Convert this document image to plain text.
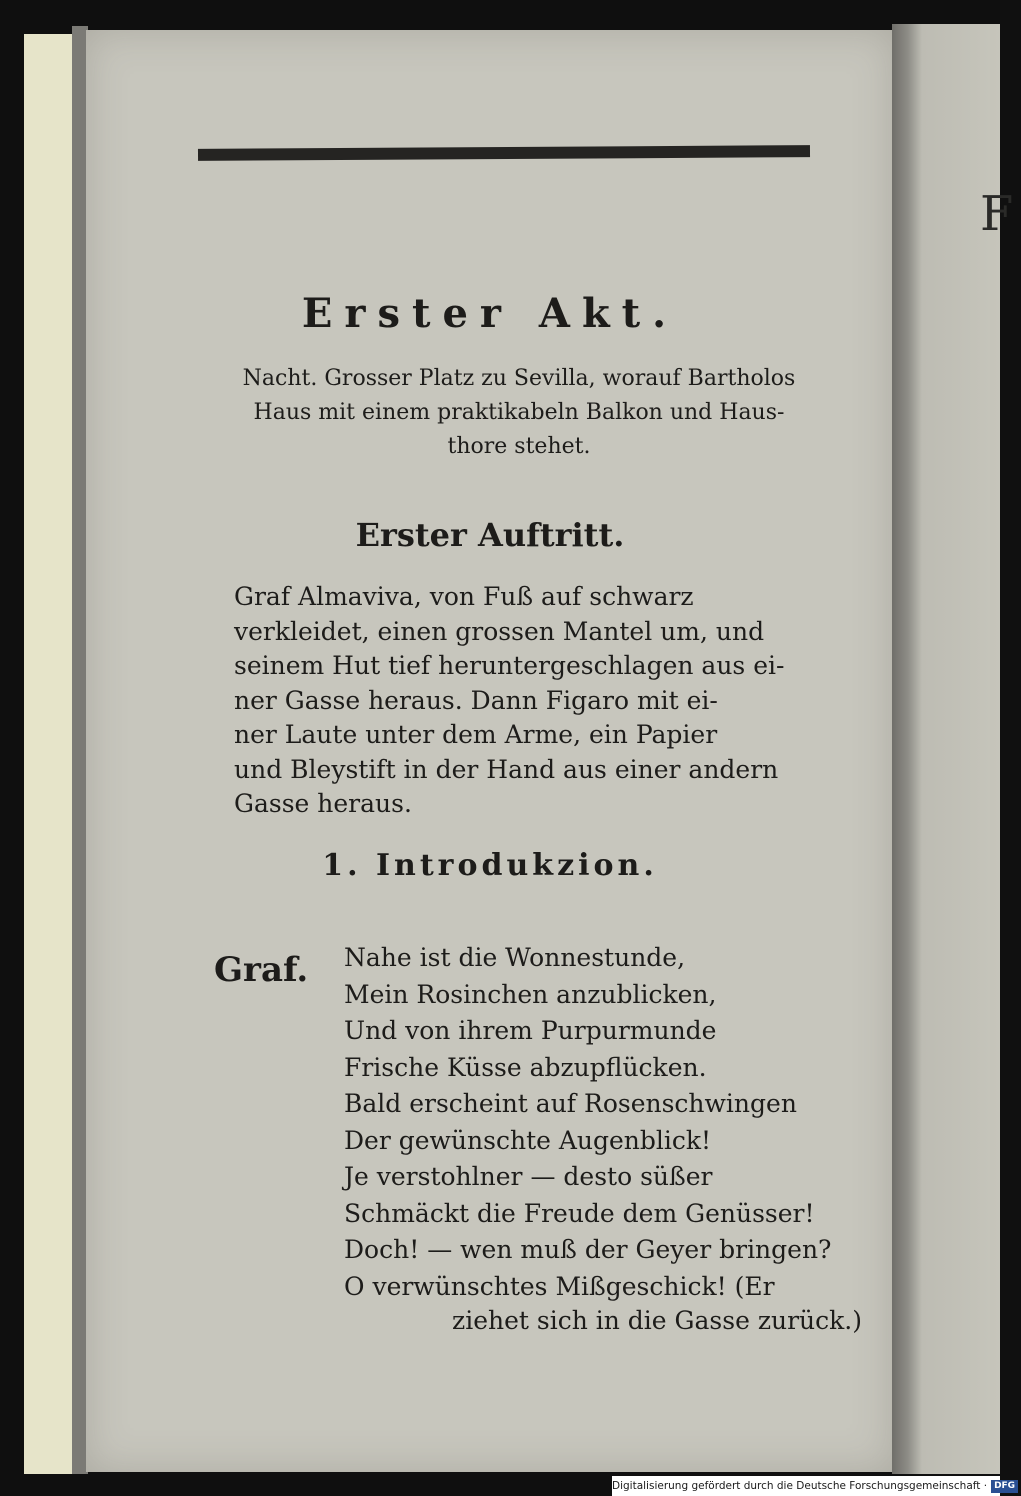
Erster Akt.
Nacht. Grosser Platz zu Sevilla, worauf Bartholos
Haus mit einem praktikabeln Balkon und Haus-
thore stehet.
Erster Auftritt.
Graf Almaviva, von Fuß auf schwarz
verkleidet, einen grossen Mantel um, und
seinem Hut tief heruntergeschlagen aus ei-
ner Gasse heraus. Dann Figaro mit ei-
ner Laute unter dem Arme, ein Papier
und Bleystift in der Hand aus einer andern
Gasse heraus.
1. Introdukzion.
Graf. Nahe ist die Wonnestunde,
Mein Rosinchen anzublicken,
Und von ihrem Purpurmunde
Frische Küsse abzupflücken.
Bald erscheint auf Rosenschwingen
Der gewünschte Augenblick!
Je verstohlner — desto süßer
Schmäckt die Freude dem Genüsser!
Doch! — wen muß der Geyer bringen?
O verwünschtes Mißgeschick! (Er
ziehet sich in die Gasse zurück.)
F
Digitalisierung gefördert durch die Deutsche Forschungsgemeinschaft · DFG
